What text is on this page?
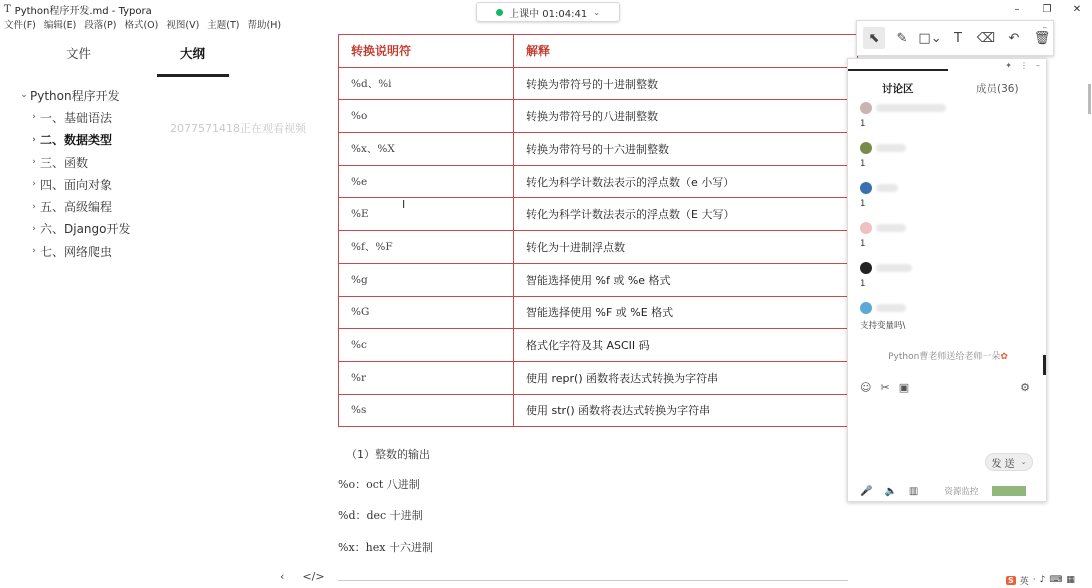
T Python程序开发.md - Typora	–	❐	✕
上课中 01:04:41 ⌄
文件(F) 编辑(E) 段落(P) 格式(O) 视图(V) 主题(T) 帮助(H)
文件	大纲
⌄ Python程序开发
› 一、基础语法
› 二、数据类型
› 三、函数
› 四、面向对象
› 五、高级编程
› 六、Django开发
› 七、网络爬虫
2077571418正在观看视频
转换说明符	解释
%d、%i	转换为带符号的十进制整数
%o	转换为带符号的八进制整数
%x、%X	转换为带符号的十六进制整数
%e	转化为科学计数法表示的浮点数（e 小写）
%E	转化为科学计数法表示的浮点数（E 大写）
%f、%F	转化为十进制浮点数
%g	智能选择使用 %f 或 %e 格式
%G	智能选择使用 %F 或 %E 格式
%c	格式化字符及其 ASCII 码
%r	使用 repr() 函数将表达式转换为字符串
%s	使用 str() 函数将表达式转换为字符串
（1）整数的输出
%o：oct 八进制
%d：dec 十进制
%x：hex 十六进制
I
‹ </>
⬉	✎ □⌄ T	⌫	↶	🗑
–
✦ ⋮ –
讨论区	成员(36)
1
1
1
1
1
支持变量吗\
Python曹老师送给老师一朵✿
☺ ✂ ▣	⚙
发 送 ⌄
🎤 🔈 ▥	资源监控
S 英 · ♪ ⌨ ▦
